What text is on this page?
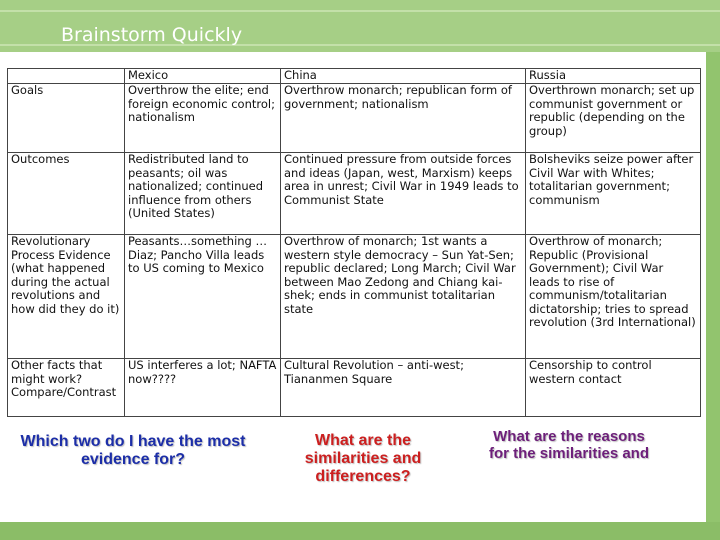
Brainstorm Quickly
	Mexico	China	Russia
Goals	Overthrow the elite; end foreign economic control; nationalism	Overthrow monarch; republican form of government; nationalism	Overthrown monarch; set up communist government or republic (depending on the group)
Outcomes	Redistributed land to peasants; oil was nationalized; continued influence from others (United States)	Continued pressure from outside forces and ideas (Japan, west, Marxism) keeps area in unrest; Civil War in 1949 leads to Communist State	Bolsheviks seize power after Civil War with Whites; totalitarian government; communism
Revolutionary Process Evidence (what happened during the actual revolutions and how did they do it)	Peasants…something … Diaz; Pancho Villa leads to US coming to Mexico	Overthrow of monarch; 1st wants a western style democracy – Sun Yat-Sen; republic declared; Long March; Civil War between Mao Zedong and Chiang kai-shek; ends in communist totalitarian state	Overthrow of monarch; Republic (Provisional Government); Civil War leads to rise of communism/totalitarian dictatorship; tries to spread revolution (3rd International)
Other facts that might work? Compare/Contrast	US interferes a lot; NAFTA now????	Cultural Revolution – anti-west; Tiananmen Square	Censorship to control western contact
Which two do I have the most evidence for?
What are the similarities and differences?
What are the reasons for the similarities and
